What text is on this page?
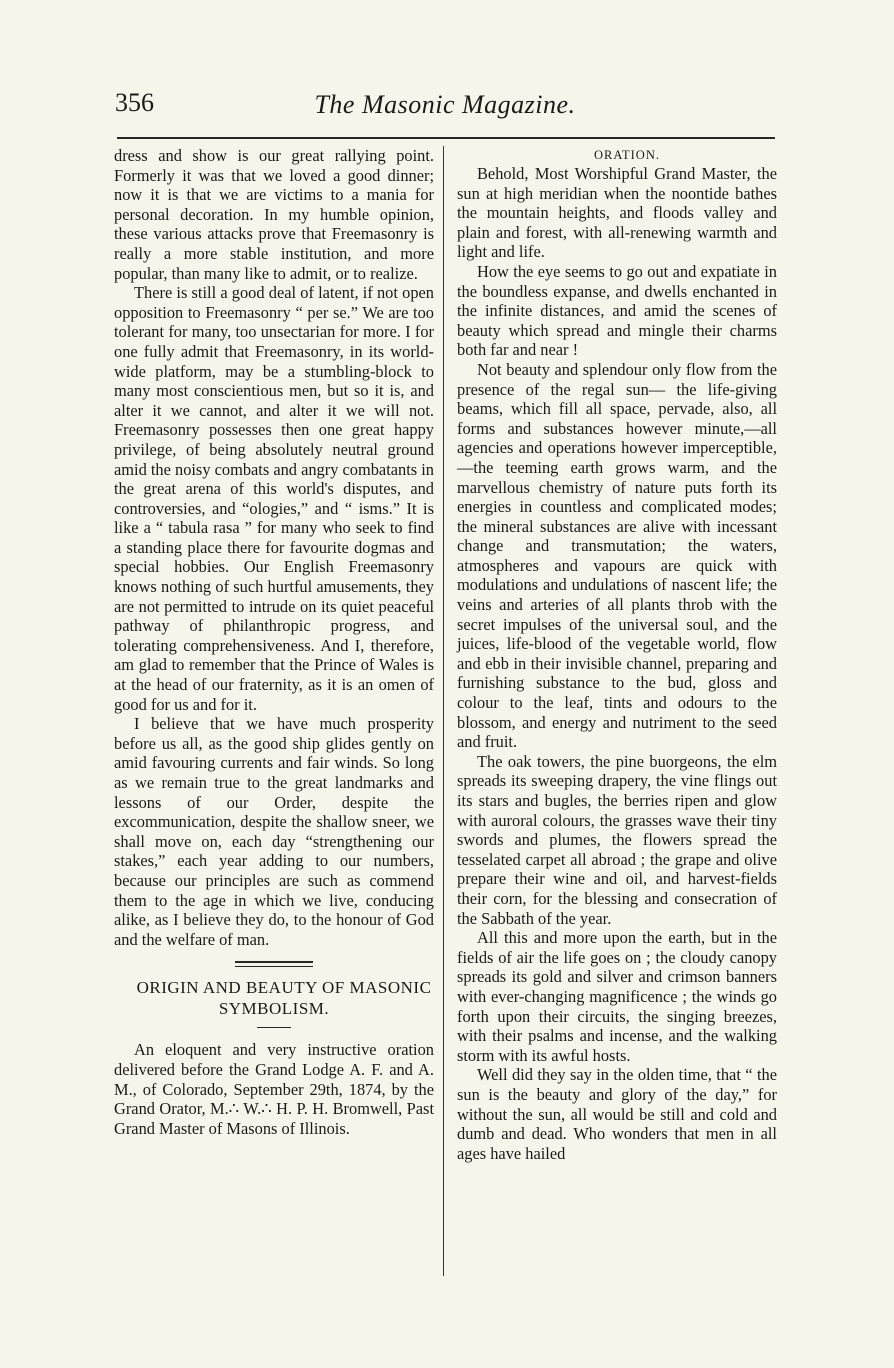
356	The Masonic Magazine.

dress and show is our great rallying point. Formerly it was that we loved a good dinner; now it is that we are victims to a mania for personal decoration. In my humble opinion, these various attacks prove that Freemasonry is really a more stable institution, and more popular, than many like to admit, or to realize.

There is still a good deal of latent, if not open opposition to Freemasonry “ per se.” We are too tolerant for many, too unsectarian for more. I for one fully admit that Freemasonry, in its world-wide platform, may be a stumbling-block to many most conscientious men, but so it is, and alter it we cannot, and alter it we will not. Freemasonry possesses then one great happy privilege, of being absolutely neutral ground amid the noisy combats and angry combatants in the great arena of this world's disputes, and controversies, and “ologies,” and “ isms.” It is like a “ tabula rasa ” for many who seek to find a standing place there for favourite dogmas and special hobbies. Our English Freemasonry knows nothing of such hurtful amusements, they are not permitted to intrude on its quiet peaceful pathway of philanthropic progress, and tolerating comprehensiveness. And I, therefore, am glad to remember that the Prince of Wales is at the head of our fraternity, as it is an omen of good for us and for it.

I believe that we have much prosperity before us all, as the good ship glides gently on amid favouring currents and fair winds. So long as we remain true to the great landmarks and lessons of our Order, despite the excommunication, despite the shallow sneer, we shall move on, each day “strengthening our stakes,” each year adding to our numbers, because our principles are such as commend them to the age in which we live, conducing alike, as I believe they do, to the honour of God and the welfare of man.

ORIGIN AND BEAUTY OF MASONIC SYMBOLISM.

An eloquent and very instructive oration delivered before the Grand Lodge A. F. and A. M., of Colorado, September 29th, 1874, by the Grand Orator, M.∴ W.∴ H. P. H. Bromwell, Past Grand Master of Masons of Illinois.

ORATION.

Behold, Most Worshipful Grand Master, the sun at high meridian when the noontide bathes the mountain heights, and floods valley and plain and forest, with all-renewing warmth and light and life.

How the eye seems to go out and expatiate in the boundless expanse, and dwells enchanted in the infinite distances, and amid the scenes of beauty which spread and mingle their charms both far and near !

Not beauty and splendour only flow from the presence of the regal sun— the life-giving beams, which fill all space, pervade, also, all forms and substances however minute,—all agencies and operations however imperceptible,—the teeming earth grows warm, and the marvellous chemistry of nature puts forth its energies in countless and complicated modes; the mineral substances are alive with incessant change and transmutation; the waters, atmospheres and vapours are quick with modulations and undulations of nascent life; the veins and arteries of all plants throb with the secret impulses of the universal soul, and the juices, life-blood of the vegetable world, flow and ebb in their invisible channel, preparing and furnishing substance to the bud, gloss and colour to the leaf, tints and odours to the blossom, and energy and nutriment to the seed and fruit.

The oak towers, the pine buorgeons, the elm spreads its sweeping drapery, the vine flings out its stars and bugles, the berries ripen and glow with auroral colours, the grasses wave their tiny swords and plumes, the flowers spread the tesselated carpet all abroad ; the grape and olive prepare their wine and oil, and harvest-fields their corn, for the blessing and consecration of the Sabbath of the year.

All this and more upon the earth, but in the fields of air the life goes on ; the cloudy canopy spreads its gold and silver and crimson banners with ever-changing magnificence ; the winds go forth upon their circuits, the singing breezes, with their psalms and incense, and the walking storm with its awful hosts.

Well did they say in the olden time, that “ the sun is the beauty and glory of the day,” for without the sun, all would be still and cold and dumb and dead. Who wonders that men in all ages have hailed
